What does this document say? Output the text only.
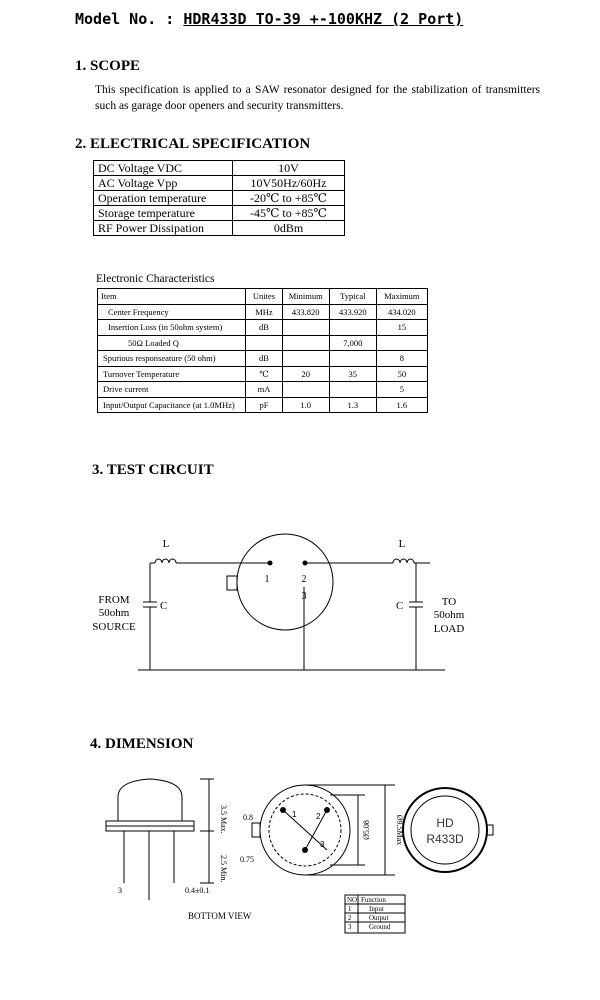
Model No. : HDR433D TO-39 +-100KHZ (2 Port)
1. SCOPE
This specification is applied to a SAW resonator designed for the stabilization of transmitters such as garage door openers and security transmitters.
2. ELECTRICAL SPECIFICATION
DC Voltage VDC	10V
AC Voltage Vpp	10V50Hz/60Hz
Operation temperature	-20℃ to +85℃
Storage temperature	-45℃ to +85℃
RF Power Dissipation	0dBm
Electronic Characteristics
Item	Unites	Minimum	Typical	Maximum
Center Frequency	MHz	433.820	433.920	434.020
Insertion Loss (in 50ohm system)	dB			15
50Ω Loaded Q			7,000	
Spurious responseature (50 ohm)	dB			8
Turnover Temperature	℃	20	35	50
Drive current	mA			5
Input/Output Capacitance (at 1.0MHz)	pF	1.0	1.3	1.6
3. TEST CIRCUIT
L	L
C	C
1	2
3
FROM
50ohm
SOURCE
TO
50ohm
LOAD
4. DIMENSION
1 2
3
3.5 Max.
2.5 Min.
0.4±0.1
3
0.8
0.75
Ø5.08	Ø9.5Max
BOTTOM VIEW
HD
R433D
NO. Function
1	Input
2	Output
3	Ground
